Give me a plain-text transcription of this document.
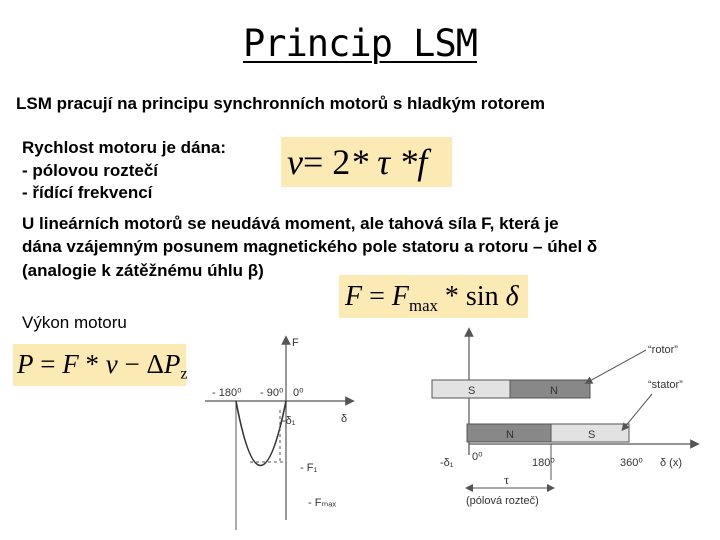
Princip LSM
LSM pracují na principu synchronních motorů s hladkým rotorem
Rychlost motoru je dána:
- pólovou roztečí
- řídící frekvencí
v= 2* τ *f
U lineárních motorů se neudává moment, ale tahová síla F, která je
dána vzájemným posunem magnetického pole statoru a rotoru – úhel δ
(analogie k zátěžnému úhlu β)
$F = F_{max} * \sin \delta$
Výkon motoru
$P = F * v - \Delta P_z$
F
δ
- 180⁰ - 90⁰ 0⁰
-δ₁
- F₁
- Fₘₐₓ
S	N
N	S
“rotor”
“stator”
0⁰	180⁰	360⁰ δ (x)
-δ₁
τ
(pólová rozteč)
